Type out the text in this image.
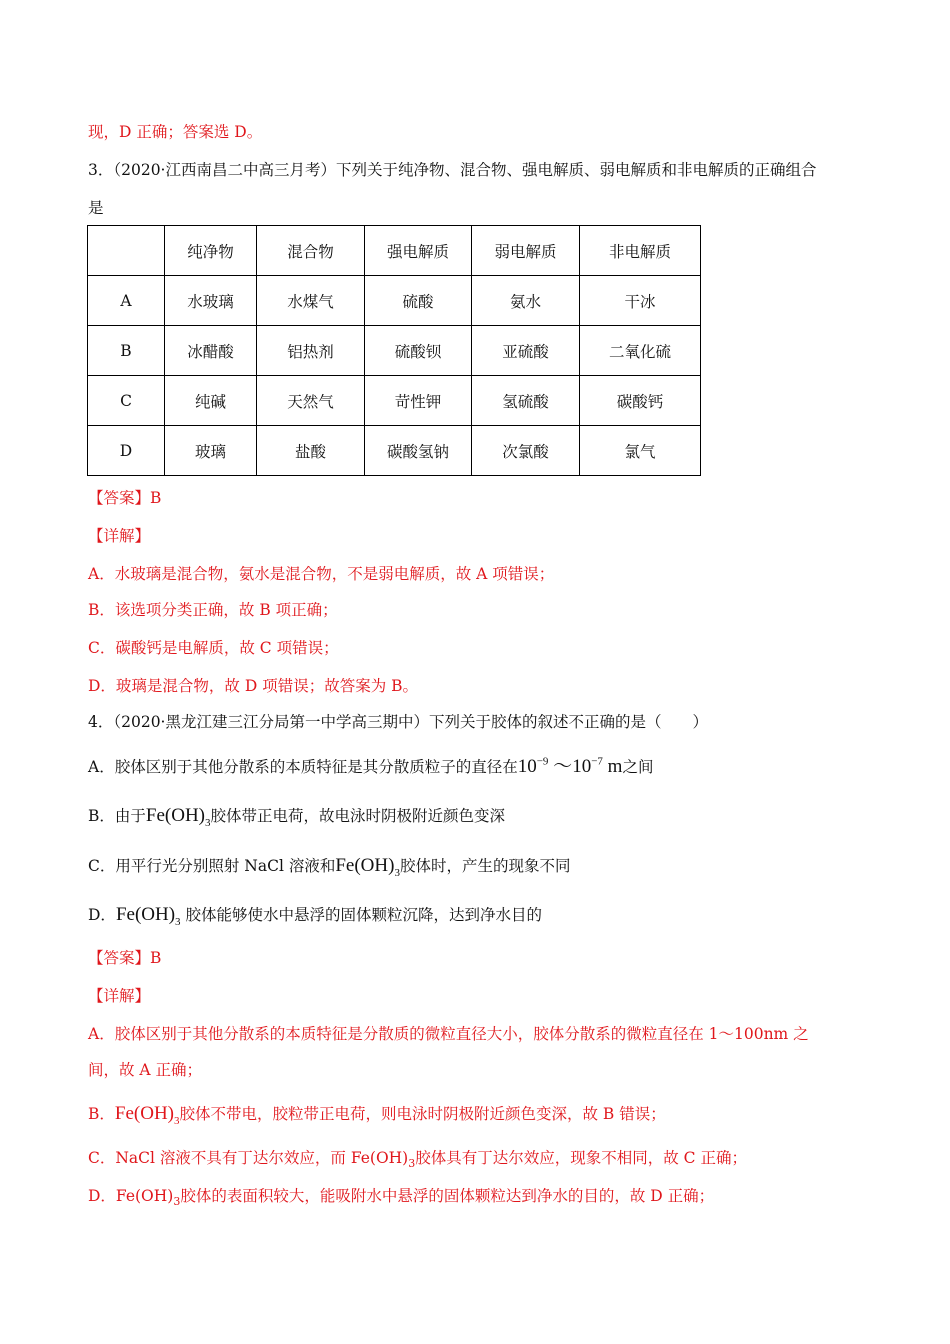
现，D 正确；答案选 D。
3．（2020·江西南昌二中高三月考）下列关于纯净物、混合物、强电解质、弱电解质和非电解质的正确组合
是
	纯净物	混合物	强电解质	弱电解质	非电解质
A	水玻璃	水煤气	硫酸	氨水	干冰
B	冰醋酸	铝热剂	硫酸钡	亚硫酸	二氧化硫
C	纯碱	天然气	苛性钾	氢硫酸	碳酸钙
D	玻璃	盐酸	碳酸氢钠	次氯酸	氯气
【答案】B
【详解】
A．水玻璃是混合物，氨水是混合物，不是弱电解质，故 A 项错误；
B．该选项分类正确，故 B 项正确；
C．碳酸钙是电解质，故 C 项错误；
D．玻璃是混合物，故 D 项错误；故答案为 B。
4．（2020·黑龙江建三江分局第一中学高三期中）下列关于胶体的叙述不正确的是（　　）
A．胶体区别于其他分散系的本质特征是其分散质粒子的直径在$10^{-9}$ $\sim 10^{-7}$ m之间
B．由于$Fe(OH)_3$胶体带正电荷，故电泳时阴极附近颜色变深
C．用平行光分别照射 NaCl 溶液和$Fe(OH)_3$胶体时，产生的现象不同
D．$Fe(OH)_3$ 胶体能够使水中悬浮的固体颗粒沉降，达到净水目的
【答案】B
【详解】
A．胶体区别于其他分散系的本质特征是分散质的微粒直径大小，胶体分散系的微粒直径在 1～100nm 之
间，故 A 正确；
B．$Fe(OH)_3$胶体不带电，胶粒带正电荷，则电泳时阴极附近颜色变深，故 B 错误；
C．NaCl 溶液不具有丁达尔效应，而 $Fe(OH)_3$胶体具有丁达尔效应，现象不相同，故 C 正确；
D．$Fe(OH)_3$胶体的表面积较大，能吸附水中悬浮的固体颗粒达到净水的目的，故 D 正确；
